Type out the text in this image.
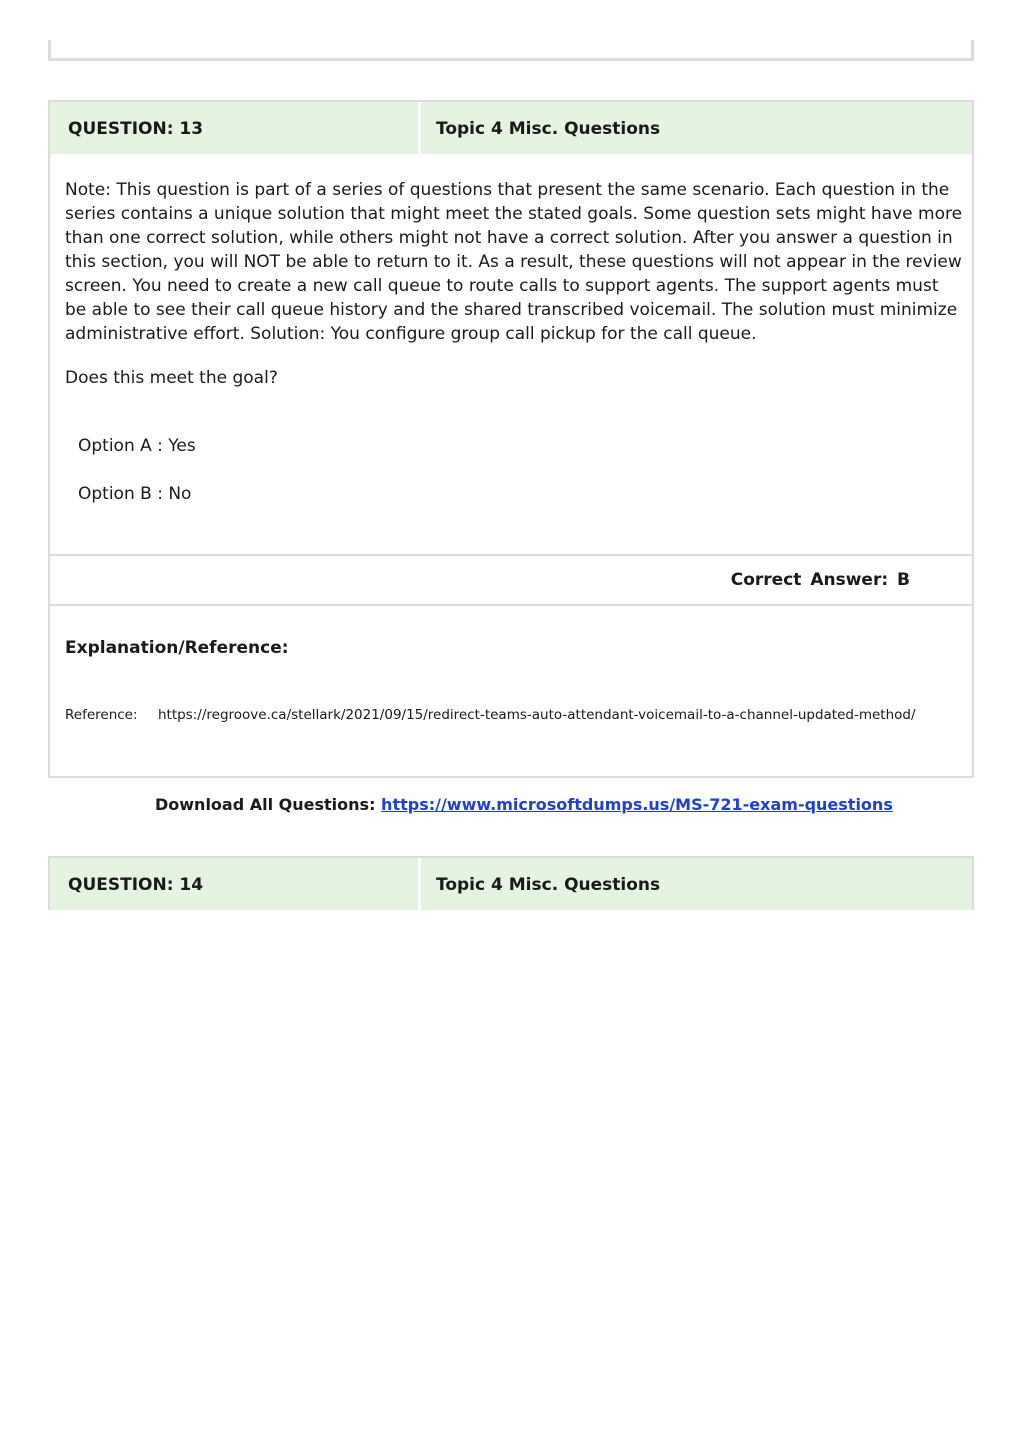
QUESTION: 13	Topic 4 Misc. Questions

Note: This question is part of a series of questions that present the same scenario. Each question in the series contains a unique solution that might meet the stated goals. Some question sets might have more than one correct solution, while others might not have a correct solution. After you answer a question in this section, you will NOT be able to return to it. As a result, these questions will not appear in the review screen. You need to create a new call queue to route calls to support agents. The support agents must be able to see their call queue history and the shared transcribed voicemail. The solution must minimize administrative effort. Solution: You configure group call pickup for the call queue.

Does this meet the goal?

Option A : Yes
Option B : No
Correct Answer: B
Explanation/Reference:
Reference:	https://regroove.ca/stellark/2021/09/15/redirect-teams-auto-attendant-voicemail-to-a-channel-updated-method/
Download All Questions: https://www.microsoftdumps.us/MS-721-exam-questions
QUESTION: 14	Topic 4 Misc. Questions
